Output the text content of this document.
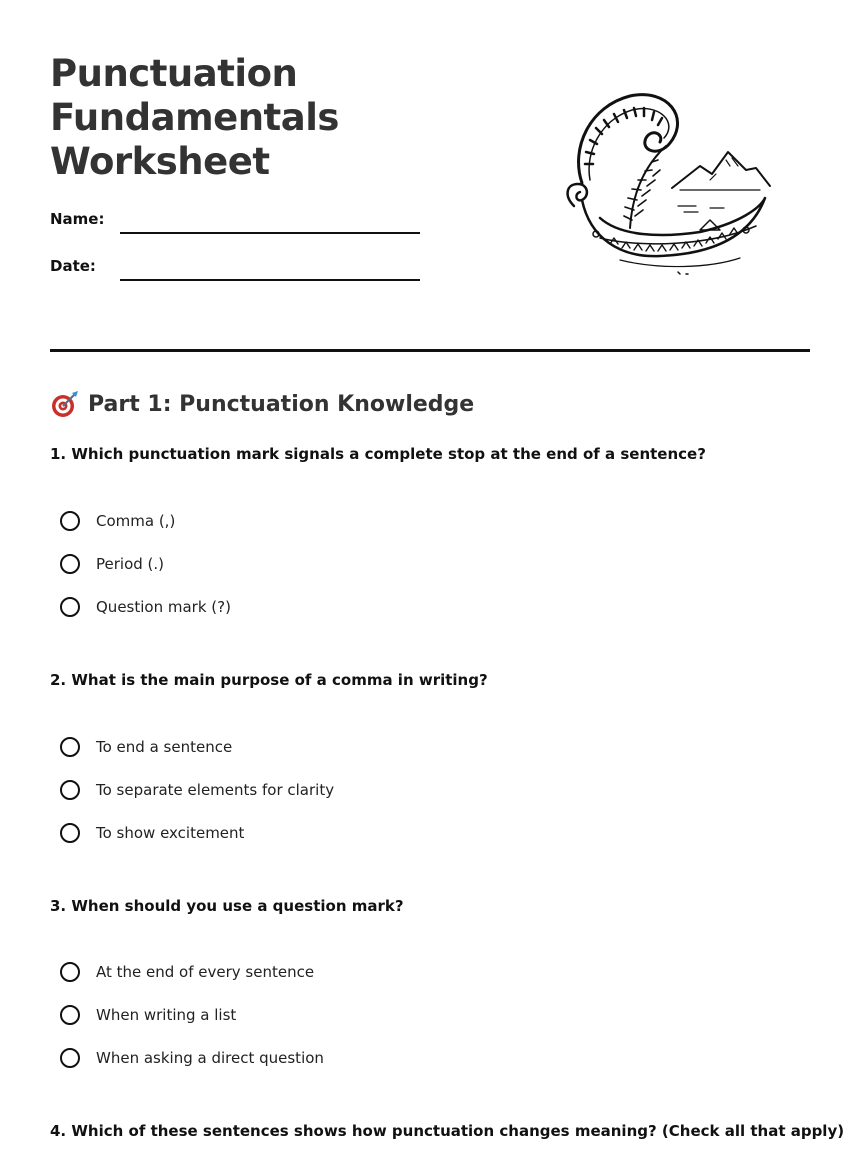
Punctuation
Fundamentals
Worksheet
Name:
Date:
Part 1: Punctuation Knowledge
1. Which punctuation mark signals a complete stop at the end of a sentence?
Comma (,)
Period (.)
Question mark (?)
2. What is the main purpose of a comma in writing?
To end a sentence
To separate elements for clarity
To show excitement
3. When should you use a question mark?
At the end of every sentence
When writing a list
When asking a direct question
4. Which of these sentences shows how punctuation changes meaning? (Check all that apply)
